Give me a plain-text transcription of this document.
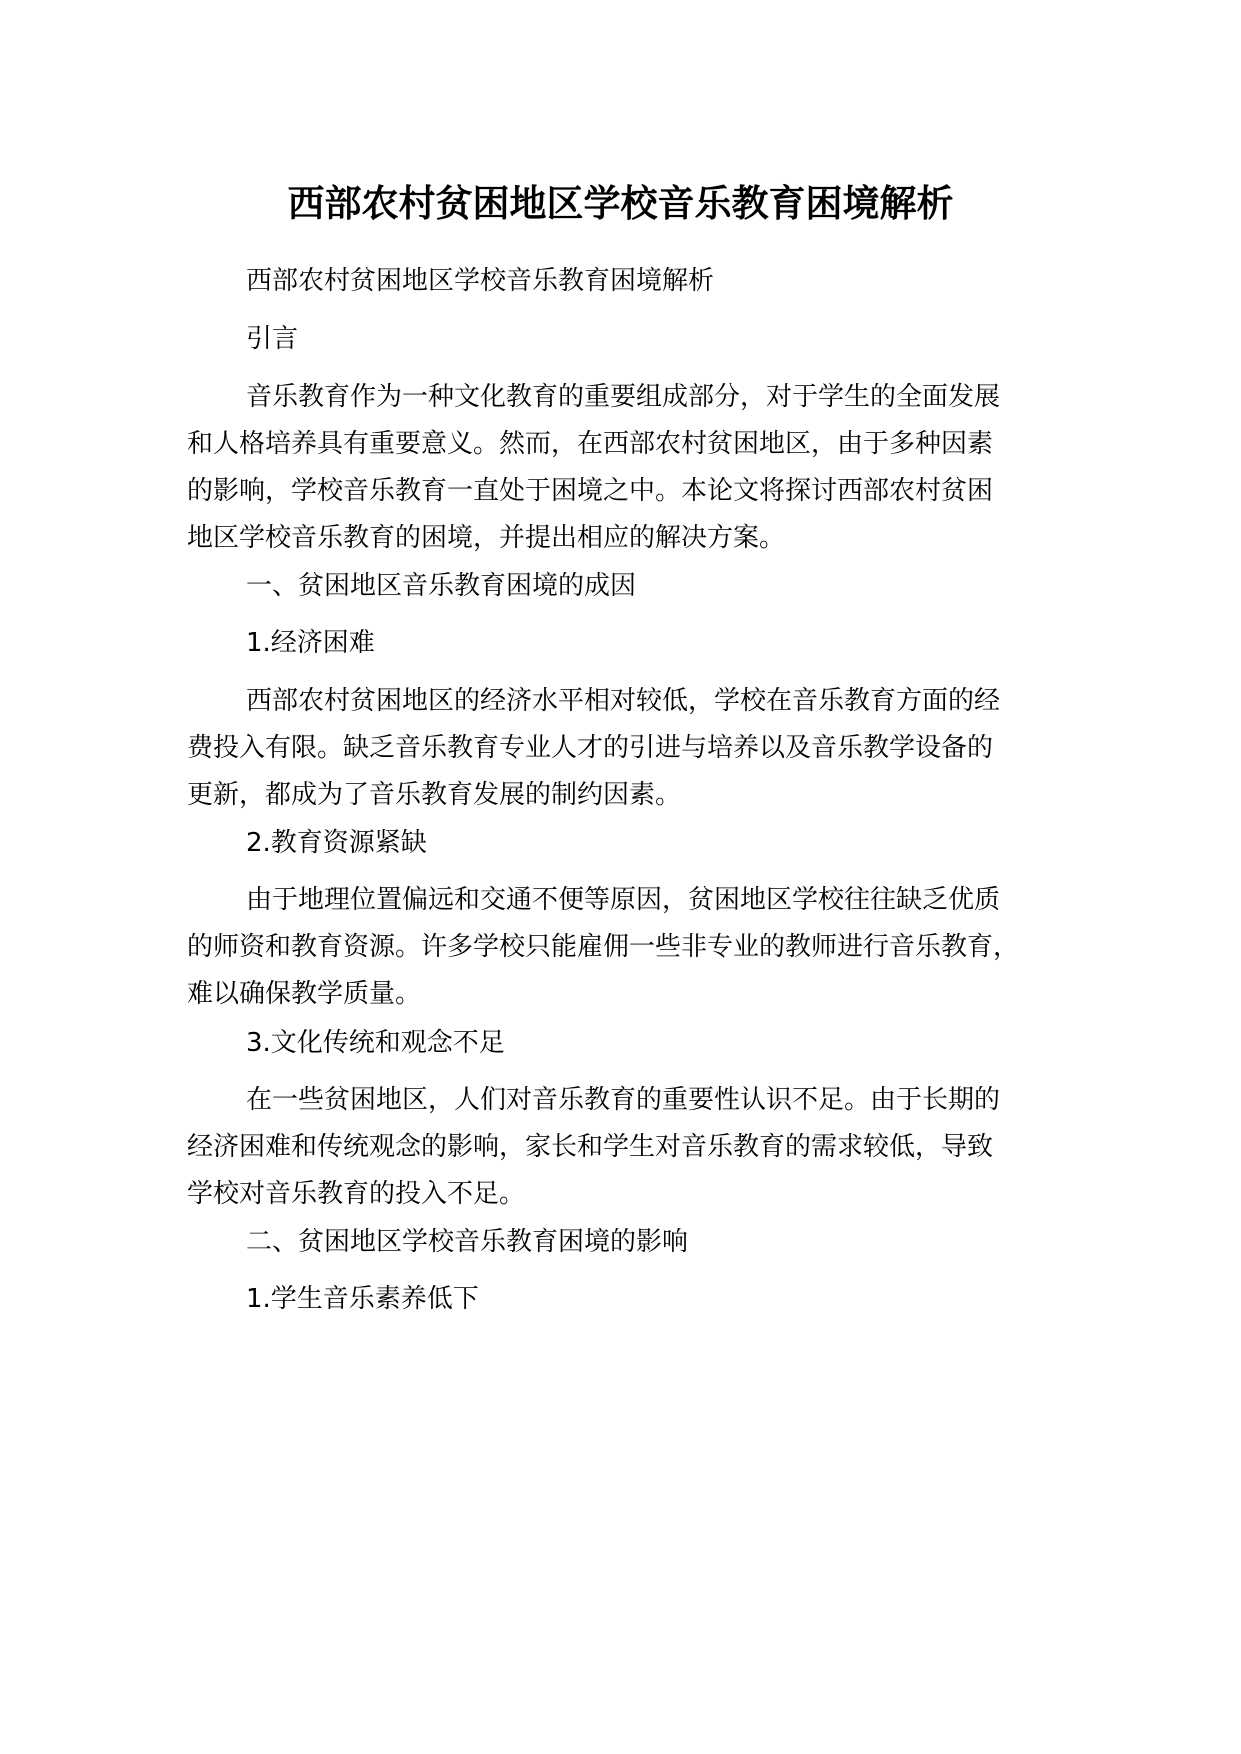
西部农村贫困地区学校音乐教育困境解析
西部农村贫困地区学校音乐教育困境解析
引言
音乐教育作为一种文化教育的重要组成部分，对于学生的全面发展
和人格培养具有重要意义。然而，在西部农村贫困地区，由于多种因素
的影响，学校音乐教育一直处于困境之中。本论文将探讨西部农村贫困
地区学校音乐教育的困境，并提出相应的解决方案。
一、贫困地区音乐教育困境的成因
1.经济困难
西部农村贫困地区的经济水平相对较低，学校在音乐教育方面的经
费投入有限。缺乏音乐教育专业人才的引进与培养以及音乐教学设备的
更新，都成为了音乐教育发展的制约因素。
2.教育资源紧缺
由于地理位置偏远和交通不便等原因，贫困地区学校往往缺乏优质
的师资和教育资源。许多学校只能雇佣一些非专业的教师进行音乐教育，
难以确保教学质量。
3.文化传统和观念不足
在一些贫困地区，人们对音乐教育的重要性认识不足。由于长期的
经济困难和传统观念的影响，家长和学生对音乐教育的需求较低，导致
学校对音乐教育的投入不足。
二、贫困地区学校音乐教育困境的影响
1.学生音乐素养低下
